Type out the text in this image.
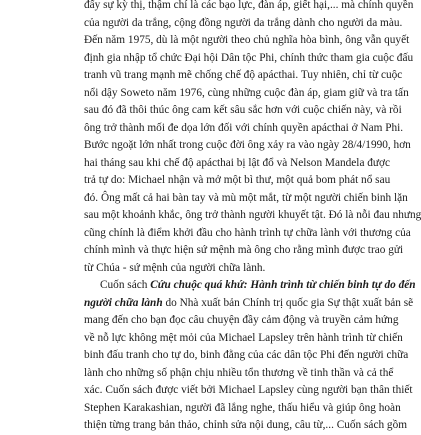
đấy sự kỳ thị, thậm chí là các bạo lực, đàn áp, giết hại,... mà chính quyền
của người da trắng, cộng đồng người da trắng dành cho người da màu.
Đến năm 1975, dù là một người theo chủ nghĩa hòa bình, ông vẫn quyết
định gia nhập tổ chức Đại hội Dân tộc Phi, chính thức tham gia cuộc đấu
tranh vũ trang mạnh mẽ chống chế độ apácthai. Tuy nhiên, chỉ từ cuộc
nổi dậy Soweto năm 1976, cùng những cuộc đàn áp, giam giữ và tra tấn
sau đó đã thôi thúc ông cam kết sâu sắc hơn với cuộc chiến này, và rồi
ông trở thành mối đe dọa lớn đối với chính quyền apácthai ở Nam Phi.
Bước ngoặt lớn nhất trong cuộc đời ông xảy ra vào ngày 28/4/1990, hơn
hai tháng sau khi chế độ apácthai bị lật đổ và Nelson Mandela được
trả tự do: Michael nhận và mở một bì thư, một quả bom phát nổ sau
đó. Ông mất cả hai bàn tay và mù một mắt, từ một người chiến binh lặn
sau một khoảnh khắc, ông trở thành người khuyết tật. Đó là nỗi đau nhưng
cũng chính là điểm khởi đầu cho hành trình tự chữa lành với thương của
chính mình và thực hiện sứ mệnh mà ông cho rằng mình được trao gửi
từ Chúa - sứ mệnh của người chữa lành.
Cuốn sách Cứu chuộc quá khứ: Hành trình từ chiến binh tự do đến
người chữa lành do Nhà xuất bản Chính trị quốc gia Sự thật xuất bản sẽ
mang đến cho bạn đọc câu chuyện đầy cảm động và truyền cảm hứng
về nỗ lực không mệt mỏi của Michael Lapsley trên hành trình từ chiến
binh đấu tranh cho tự do, binh đằng của các dân tộc Phi đến người chữa
lành cho những số phận chịu nhiều tổn thương về tinh thần và cả thể
xác. Cuốn sách được viết bởi Michael Lapsley cùng người bạn thân thiết
Stephen Karakashian, người đã lắng nghe, thấu hiểu và giúp ông hoàn
thiện từng trang bản thảo, chỉnh sửa nội dung, câu từ,... Cuốn sách gồm
